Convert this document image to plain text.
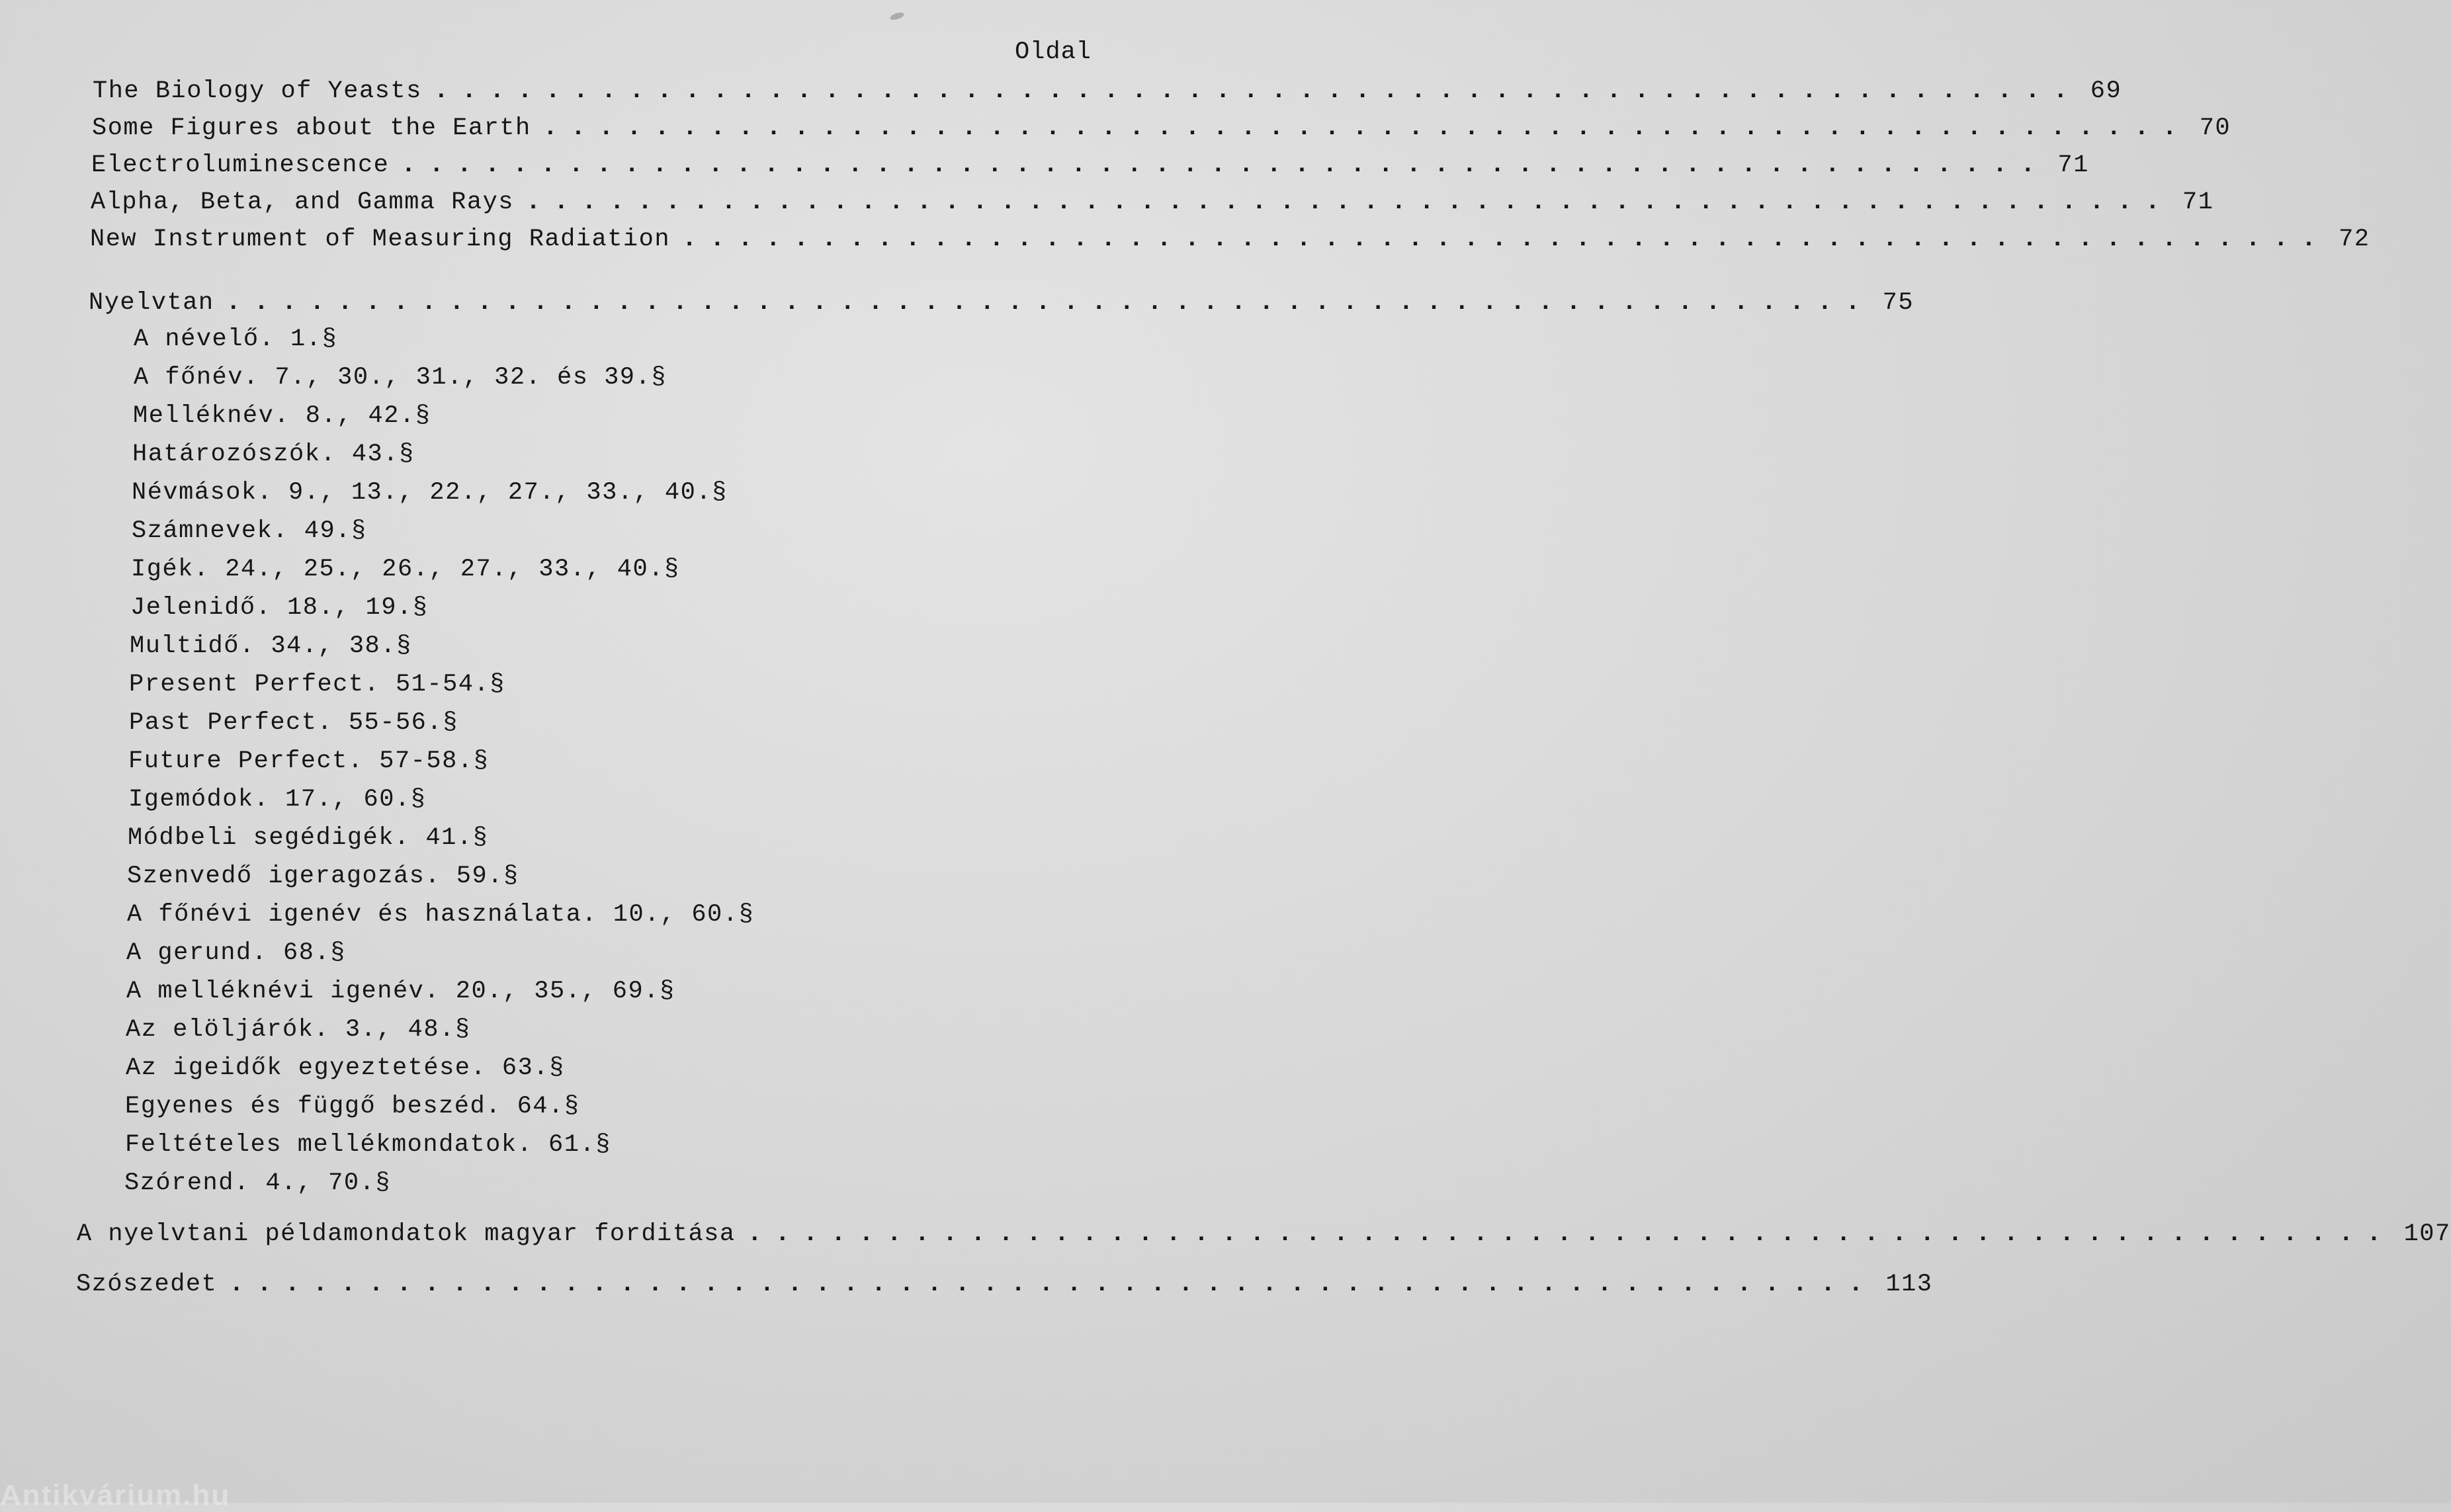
Oldal
The Biology of Yeasts ........................................................... 69
Some Figures about the Earth ........................................................... 70
Electroluminescence ........................................................... 71
Alpha, Beta, and Gamma Rays ........................................................... 71
New Instrument of Measuring Radiation ........................................................... 72
Nyelvtan ........................................................... 75
A névelő. 1.§
A főnév. 7., 30., 31., 32. és 39.§
Melléknév. 8., 42.§
Határozószók. 43.§
Névmások. 9., 13., 22., 27., 33., 40.§
Számnevek. 49.§
Igék. 24., 25., 26., 27., 33., 40.§
Jelenidő. 18., 19.§
Multidő. 34., 38.§
Present Perfect. 51-54.§
Past Perfect. 55-56.§
Future Perfect. 57-58.§
Igemódok. 17., 60.§
Módbeli segédigék. 41.§
Szenvedő igeragozás. 59.§
A főnévi igenév és használata. 10., 60.§
A gerund. 68.§
A melléknévi igenév. 20., 35., 69.§
Az elöljárók. 3., 48.§
Az igeidők egyeztetése. 63.§
Egyenes és függő beszéd. 64.§
Feltételes mellékmondatok. 61.§
Szórend. 4., 70.§
A nyelvtani példamondatok magyar forditása ........................................................... 107
Szószedet ........................................................... 113
Antikvárium.hu
